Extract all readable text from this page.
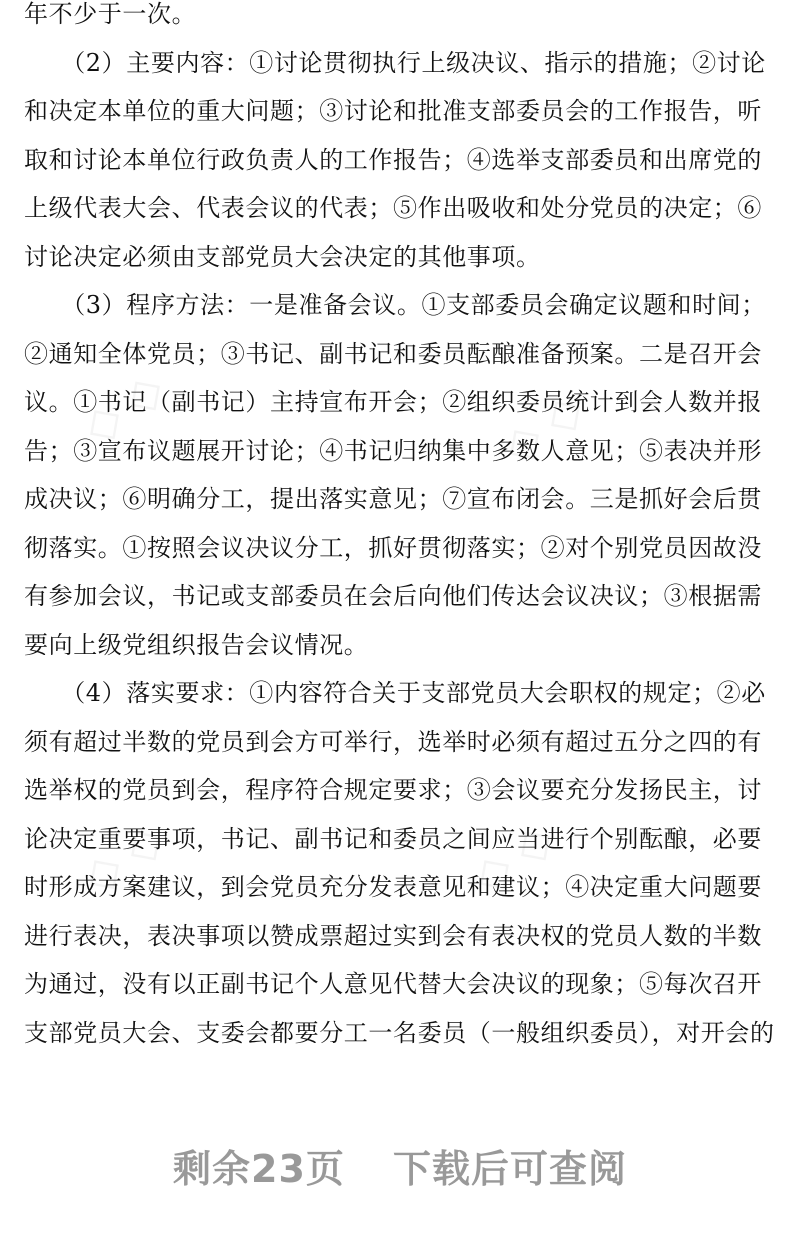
年不少于一次。
　　（2）主要内容：①讨论贯彻执行上级决议、指示的措施；②讨论
和决定本单位的重大问题；③讨论和批准支部委员会的工作报告，听
取和讨论本单位行政负责人的工作报告；④选举支部委员和出席党的
上级代表大会、代表会议的代表；⑤作出吸收和处分党员的决定；⑥
讨论决定必须由支部党员大会决定的其他事项。
　　（3）程序方法：一是准备会议。①支部委员会确定议题和时间；
②通知全体党员；③书记、副书记和委员酝酿准备预案。二是召开会
议。①书记（副书记）主持宣布开会；②组织委员统计到会人数并报
告；③宣布议题展开讨论；④书记归纳集中多数人意见；⑤表决并形
成决议；⑥明确分工，提出落实意见；⑦宣布闭会。三是抓好会后贯
彻落实。①按照会议决议分工，抓好贯彻落实；②对个别党员因故没
有参加会议，书记或支部委员在会后向他们传达会议决议；③根据需
要向上级党组织报告会议情况。
　　（4）落实要求：①内容符合关于支部党员大会职权的规定；②必
须有超过半数的党员到会方可举行，选举时必须有超过五分之四的有
选举权的党员到会，程序符合规定要求；③会议要充分发扬民主，讨
论决定重要事项，书记、副书记和委员之间应当进行个别酝酿，必要
时形成方案建议，到会党员充分发表意见和建议；④决定重大问题要
进行表决，表决事项以赞成票超过实到会有表决权的党员人数的半数
为通过，没有以正副书记个人意见代替大会决议的现象；⑤每次召开
支部党员大会、支委会都要分工一名委员（一般组织委员），对开会的
剩余23页 下载后可查阅
